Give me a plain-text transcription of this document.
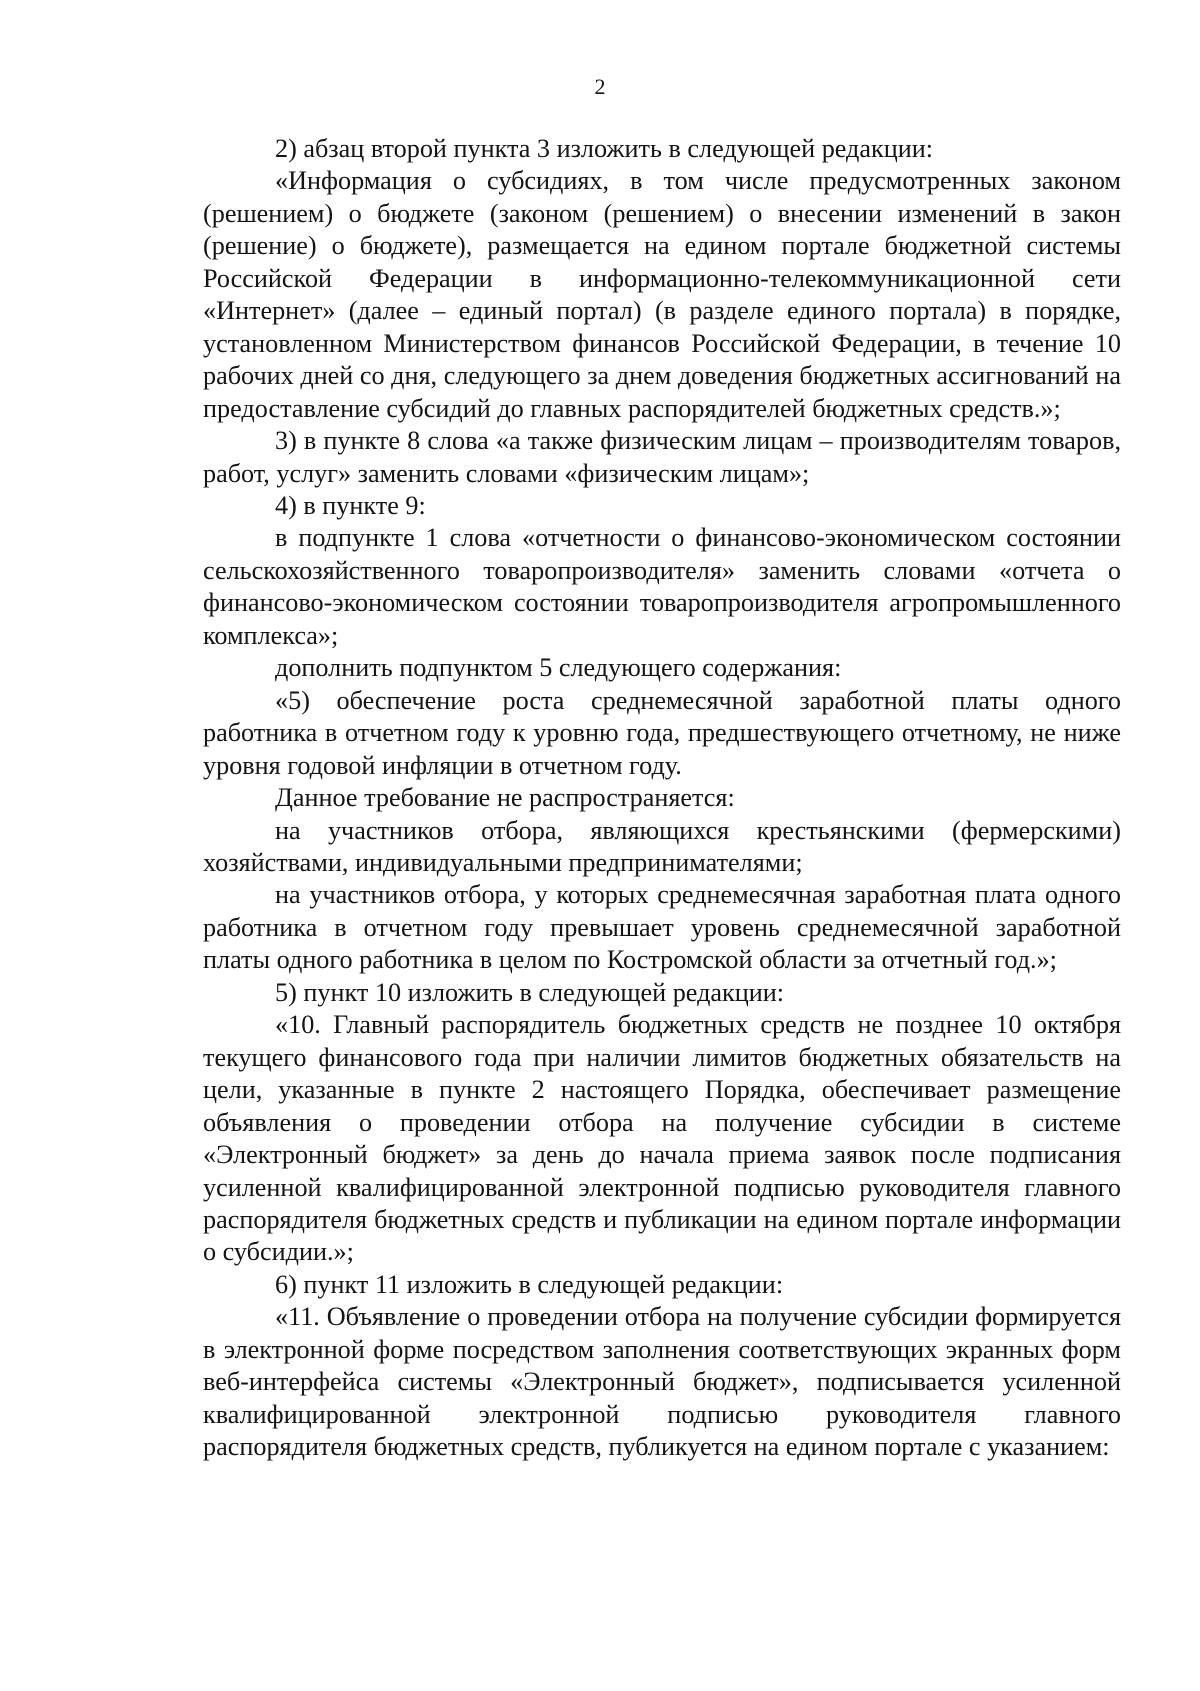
2

2) абзац второй пункта 3 изложить в следующей редакции:

«Информация о субсидиях, в том числе предусмотренных законом (решением) о бюджете (законом (решением) о внесении изменений в закон (решение) о бюджете), размещается на едином портале бюджетной системы Российской Федерации в информационно-телекоммуникационной сети «Интернет» (далее – единый портал) (в разделе единого портала) в порядке, установленном Министерством финансов Российской Федерации, в течение 10 рабочих дней со дня, следующего за днем доведения бюджетных ассигнований на предоставление субсидий до главных распорядителей бюджетных средств.»;

3) в пункте 8 слова «а также физическим лицам – производителям товаров, работ, услуг» заменить словами «физическим лицам»;

4) в пункте 9:

в подпункте 1 слова «отчетности о финансово-экономическом состоянии сельскохозяйственного товаропроизводителя» заменить словами «отчета о финансово-экономическом состоянии товаропроизводителя агропромышленного комплекса»;

дополнить подпунктом 5 следующего содержания:

«5) обеспечение роста среднемесячной заработной платы одного работника в отчетном году к уровню года, предшествующего отчетному, не ниже уровня годовой инфляции в отчетном году.

Данное требование не распространяется:

на участников отбора, являющихся крестьянскими (фермерскими) хозяйствами, индивидуальными предпринимателями;

на участников отбора, у которых среднемесячная заработная плата одного работника в отчетном году превышает уровень среднемесячной заработной платы одного работника в целом по Костромской области за отчетный год.»;

5) пункт 10 изложить в следующей редакции:

«10. Главный распорядитель бюджетных средств не позднее 10 октября текущего финансового года при наличии лимитов бюджетных обязательств на цели, указанные в пункте 2 настоящего Порядка, обеспечивает размещение объявления о проведении отбора на получение субсидии в системе «Электронный бюджет» за день до начала приема заявок после подписания усиленной квалифицированной электронной подписью руководителя главного распорядителя бюджетных средств и публикации на едином портале информации о субсидии.»;

6) пункт 11 изложить в следующей редакции:

«11. Объявление о проведении отбора на получение субсидии формируется в электронной форме посредством заполнения соответствующих экранных форм веб-интерфейса системы «Электронный бюджет», подписывается усиленной квалифицированной электронной подписью руководителя главного распорядителя бюджетных средств, публикуется на едином портале с указанием:
